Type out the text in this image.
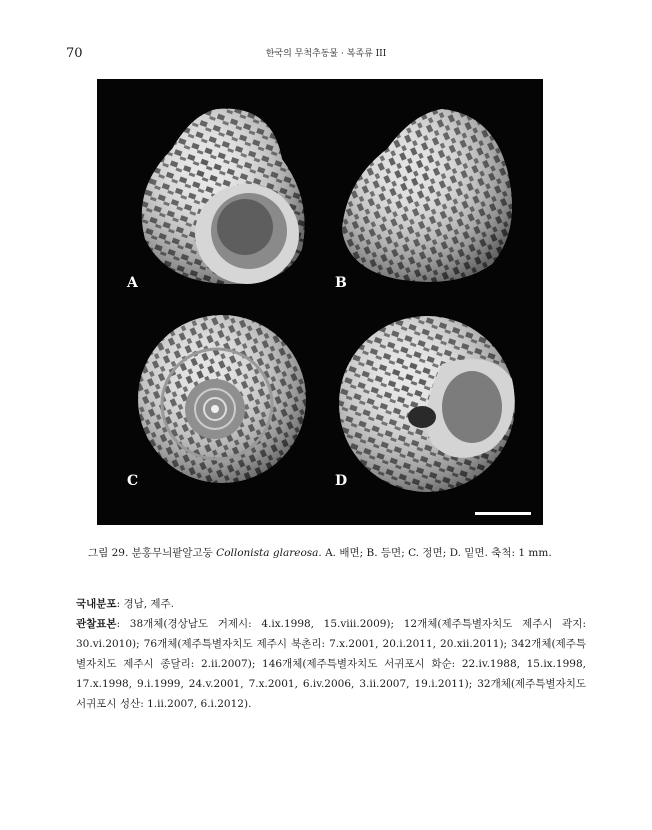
70	한국의 무척추동물 · 복족류 III
A	B
C	D
그림 29. 분홍무늬팥알고둥 Collonista glareosa. A. 배면; B. 등면; C. 정면; D. 밑면. 축척: 1 mm.

국내분포: 경남, 제주.

관찰표본: 38개체(경상남도 거제시: 4.ix.1998, 15.viii.2009); 12개체(제주특별자치도 제주시 곽지: 30.vi.2010); 76개체(제주특별자치도 제주시 북촌리: 7.x.2001, 20.i.2011, 20.xii.2011); 342개체(제주특별자치도 제주시 종달리: 2.ii.2007); 146개체(제주특별자치도 서귀포시 화순: 22.iv.1988, 15.ix.1998, 17.x.1998, 9.i.1999, 24.v.2001, 7.x.2001, 6.iv.2006, 3.ii.2007, 19.i.2011); 32개체(제주특별자치도 서귀포시 성산: 1.ii.2007, 6.i.2012).
